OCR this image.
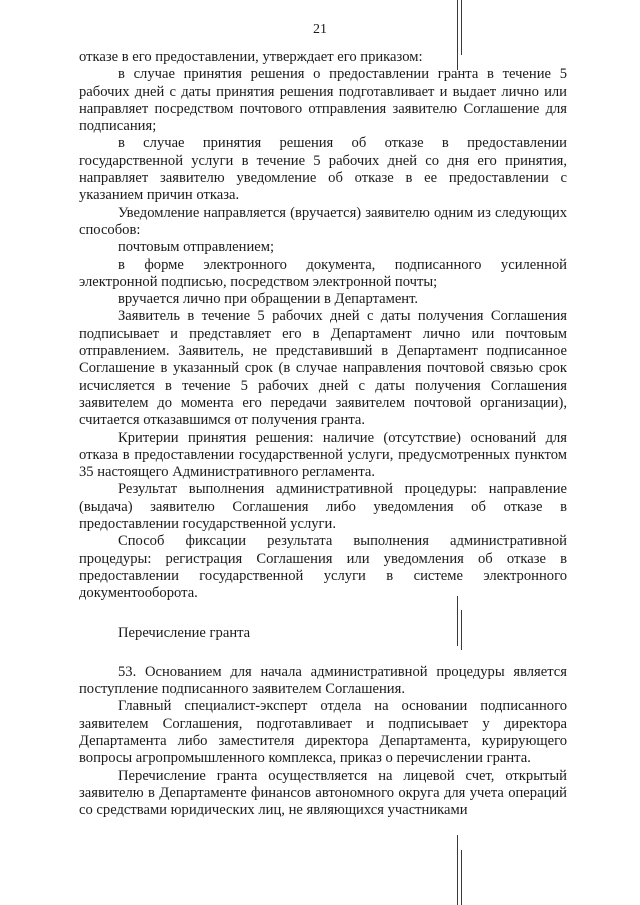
21

отказе в его предоставлении, утверждает его приказом:

в случае принятия решения о предоставлении гранта в течение 5 рабочих дней с даты принятия решения подготавливает и выдает лично или направляет посредством почтового отправления заявителю Соглашение для подписания;

в случае принятия решения об отказе в предоставлении государственной услуги в течение 5 рабочих дней со дня его принятия, направляет заявителю уведомление об отказе в ее предоставлении с указанием причин отказа.

Уведомление направляется (вручается) заявителю одним из следующих способов:

почтовым отправлением;

в форме электронного документа, подписанного усиленной электронной подписью, посредством электронной почты;

вручается лично при обращении в Департамент.

Заявитель в течение 5 рабочих дней с даты получения Соглашения подписывает и представляет его в Департамент лично или почтовым отправлением. Заявитель, не представивший в Департамент подписанное Соглашение в указанный срок (в случае направления почтовой связью срок исчисляется в течение 5 рабочих дней с даты получения Соглашения заявителем до момента его передачи заявителем почтовой организации), считается отказавшимся от получения гранта.

Критерии принятия решения: наличие (отсутствие) оснований для отказа в предоставлении государственной услуги, предусмотренных пунктом 35 настоящего Административного регламента.

Результат выполнения административной процедуры: направление (выдача) заявителю Соглашения либо уведомления об отказе в предоставлении государственной услуги.

Способ фиксации результата выполнения административной процедуры: регистрация Соглашения или уведомления об отказе в предоставлении государственной услуги в системе электронного документооборота.

Перечисление гранта

53. Основанием для начала административной процедуры является поступление подписанного заявителем Соглашения.

Главный специалист-эксперт отдела на основании подписанного заявителем Соглашения, подготавливает и подписывает у директора Департамента либо заместителя директора Департамента, курирующего вопросы агропромышленного комплекса, приказ о перечислении гранта.

Перечисление гранта осуществляется на лицевой счет, открытый заявителю в Департаменте финансов автономного округа для учета операций со средствами юридических лиц, не являющихся участниками
